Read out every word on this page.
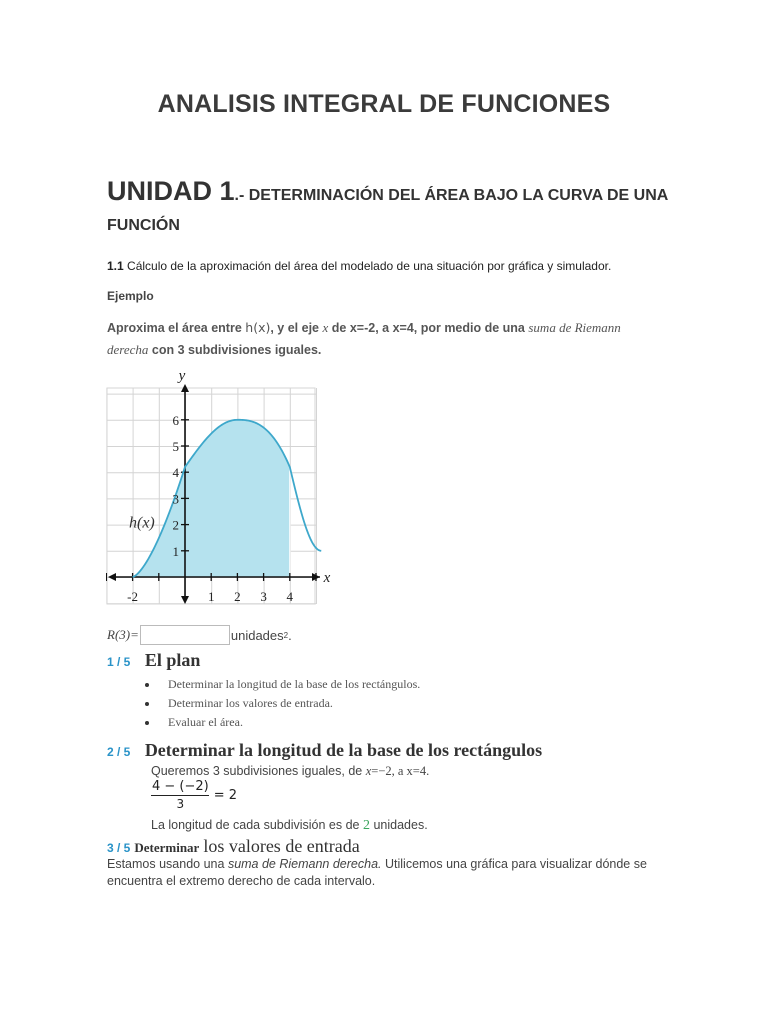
ANALISIS INTEGRAL DE FUNCIONES
UNIDAD 1.- DETERMINACIÓN DEL ÁREA BAJO LA CURVA DE UNA FUNCIÓN
1.1 Cálculo de la aproximación del área del modelado de una situación por gráfica y simulador.
Ejemplo
Aproxima el área entre h(x), y el eje x de x=-2, a x=4, por medio de una suma de Riemann
derecha con 3 subdivisiones iguales.
-2	1 2 3 4
1
2
3
4
5
6
y
x
h(x)
R(3)=	unidades 2 .
1 / 5 El plan
Determinar la longitud de la base de los rectángulos.
Determinar los valores de entrada.
Evaluar el área.
2 / 5 Determinar la longitud de la base de los rectángulos
Queremos 3 subdivisiones iguales, de x=−2, a x=4.
$\frac{4 - (-2)}{3} = 2$
La longitud de cada subdivisión es de 2 unidades.
3 / 5 Determinar los valores de entrada
Estamos usando una suma de Riemann derecha. Utilicemos una gráfica para visualizar dónde se encuentra el extremo derecho de cada intervalo.
